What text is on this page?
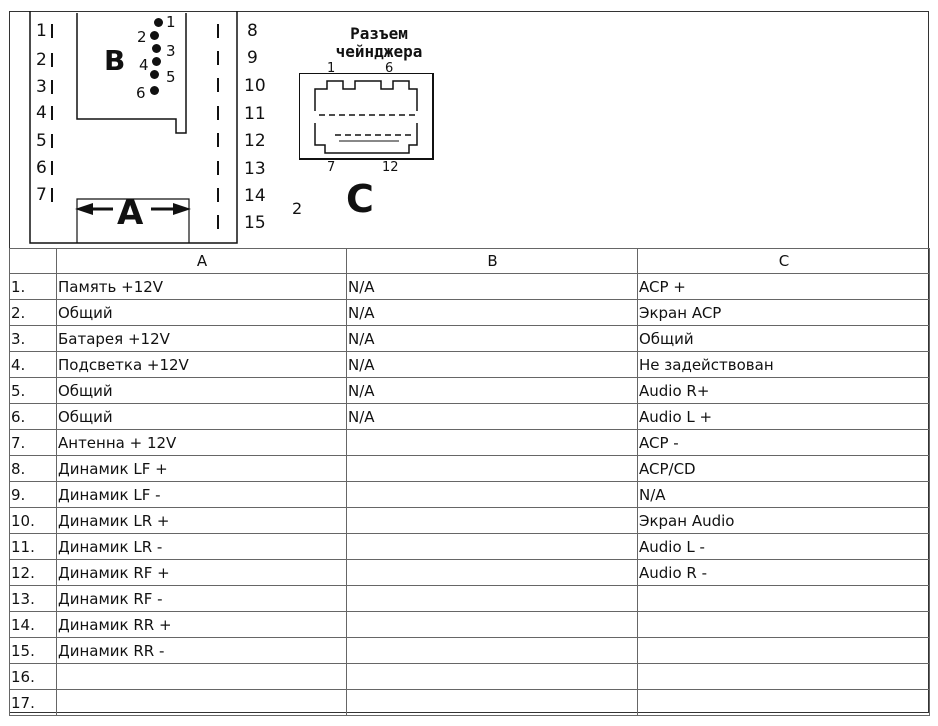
1
2
3
4
5
6
7
8
9
10
11
12
13
14
15
1
2
3
4
5
6
B
A	2
Разъем
чейнджера
1	6
7	12
C
	A	B	C
1.	Память +12V	N/A	ACP +
2.	Общий	N/A	Экран ACP
3.	Батарея +12V	N/A	Общий
4.	Подсветка +12V	N/A	Не задействован
5.	Общий	N/A	Audio R+
6.	Общий	N/A	Audio L +
7.	Антенна + 12V		ACP -
8.	Динамик LF +		ACP/CD
9.	Динамик LF -		N/A
10.	Динамик LR +		Экран Audio
11.	Динамик LR -		Audio L -
12.	Динамик RF +		Audio R -
13.	Динамик RF -		
14.	Динамик RR +		
15.	Динамик RR -		
16.			
17.			
